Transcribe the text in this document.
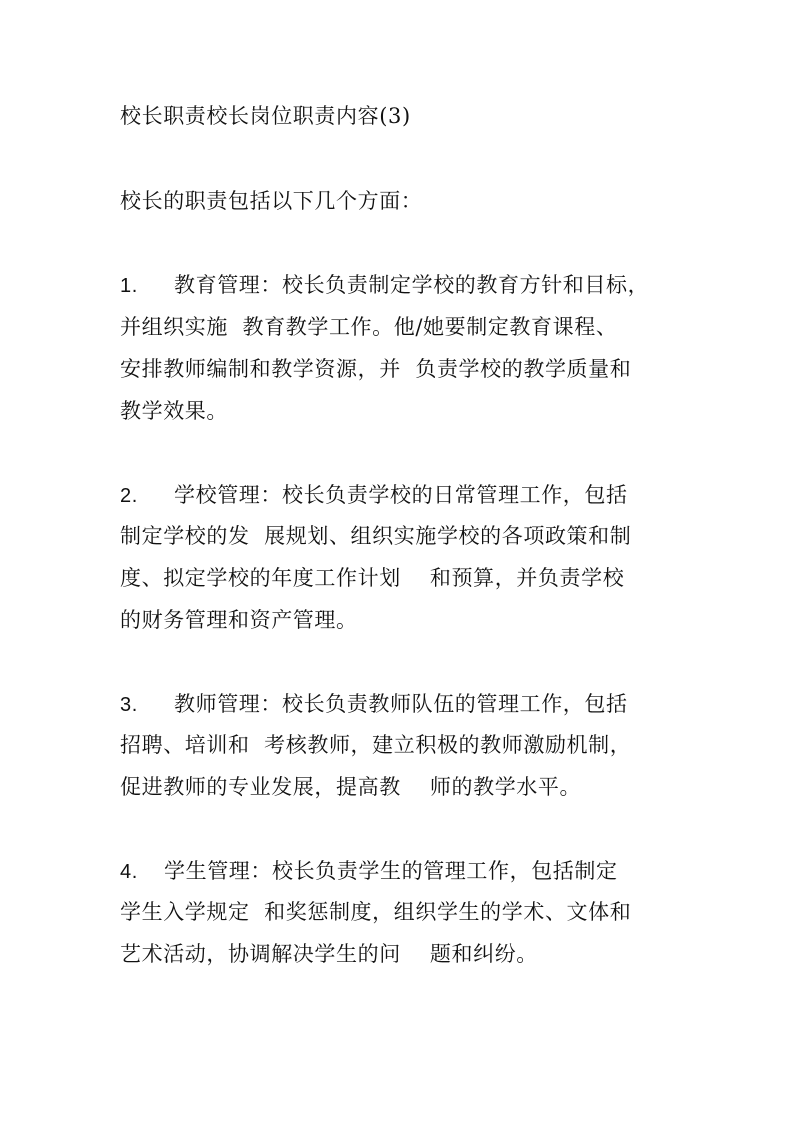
校长职责校长岗位职责内容(3)

校长的职责包括以下几个方面：

1. 教育管理：校长负责制定学校的教育方针和目标，

并组织实施  教育教学工作。他/她要制定教育课程、

安排教师编制和教学资源，并  负责学校的教学质量和

教学效果。

2. 学校管理：校长负责学校的日常管理工作，包括

制定学校的发  展规划、组织实施学校的各项政策和制

度、拟定学校的年度工作计划    和预算，并负责学校

的财务管理和资产管理。

3. 教师管理：校长负责教师队伍的管理工作，包括

招聘、培训和  考核教师，建立积极的教师激励机制，

促进教师的专业发展，提高教    师的教学水平。

4. 学生管理：校长负责学生的管理工作，包括制定

学生入学规定  和奖惩制度，组织学生的学术、文体和

艺术活动，协调解决学生的问    题和纠纷。
